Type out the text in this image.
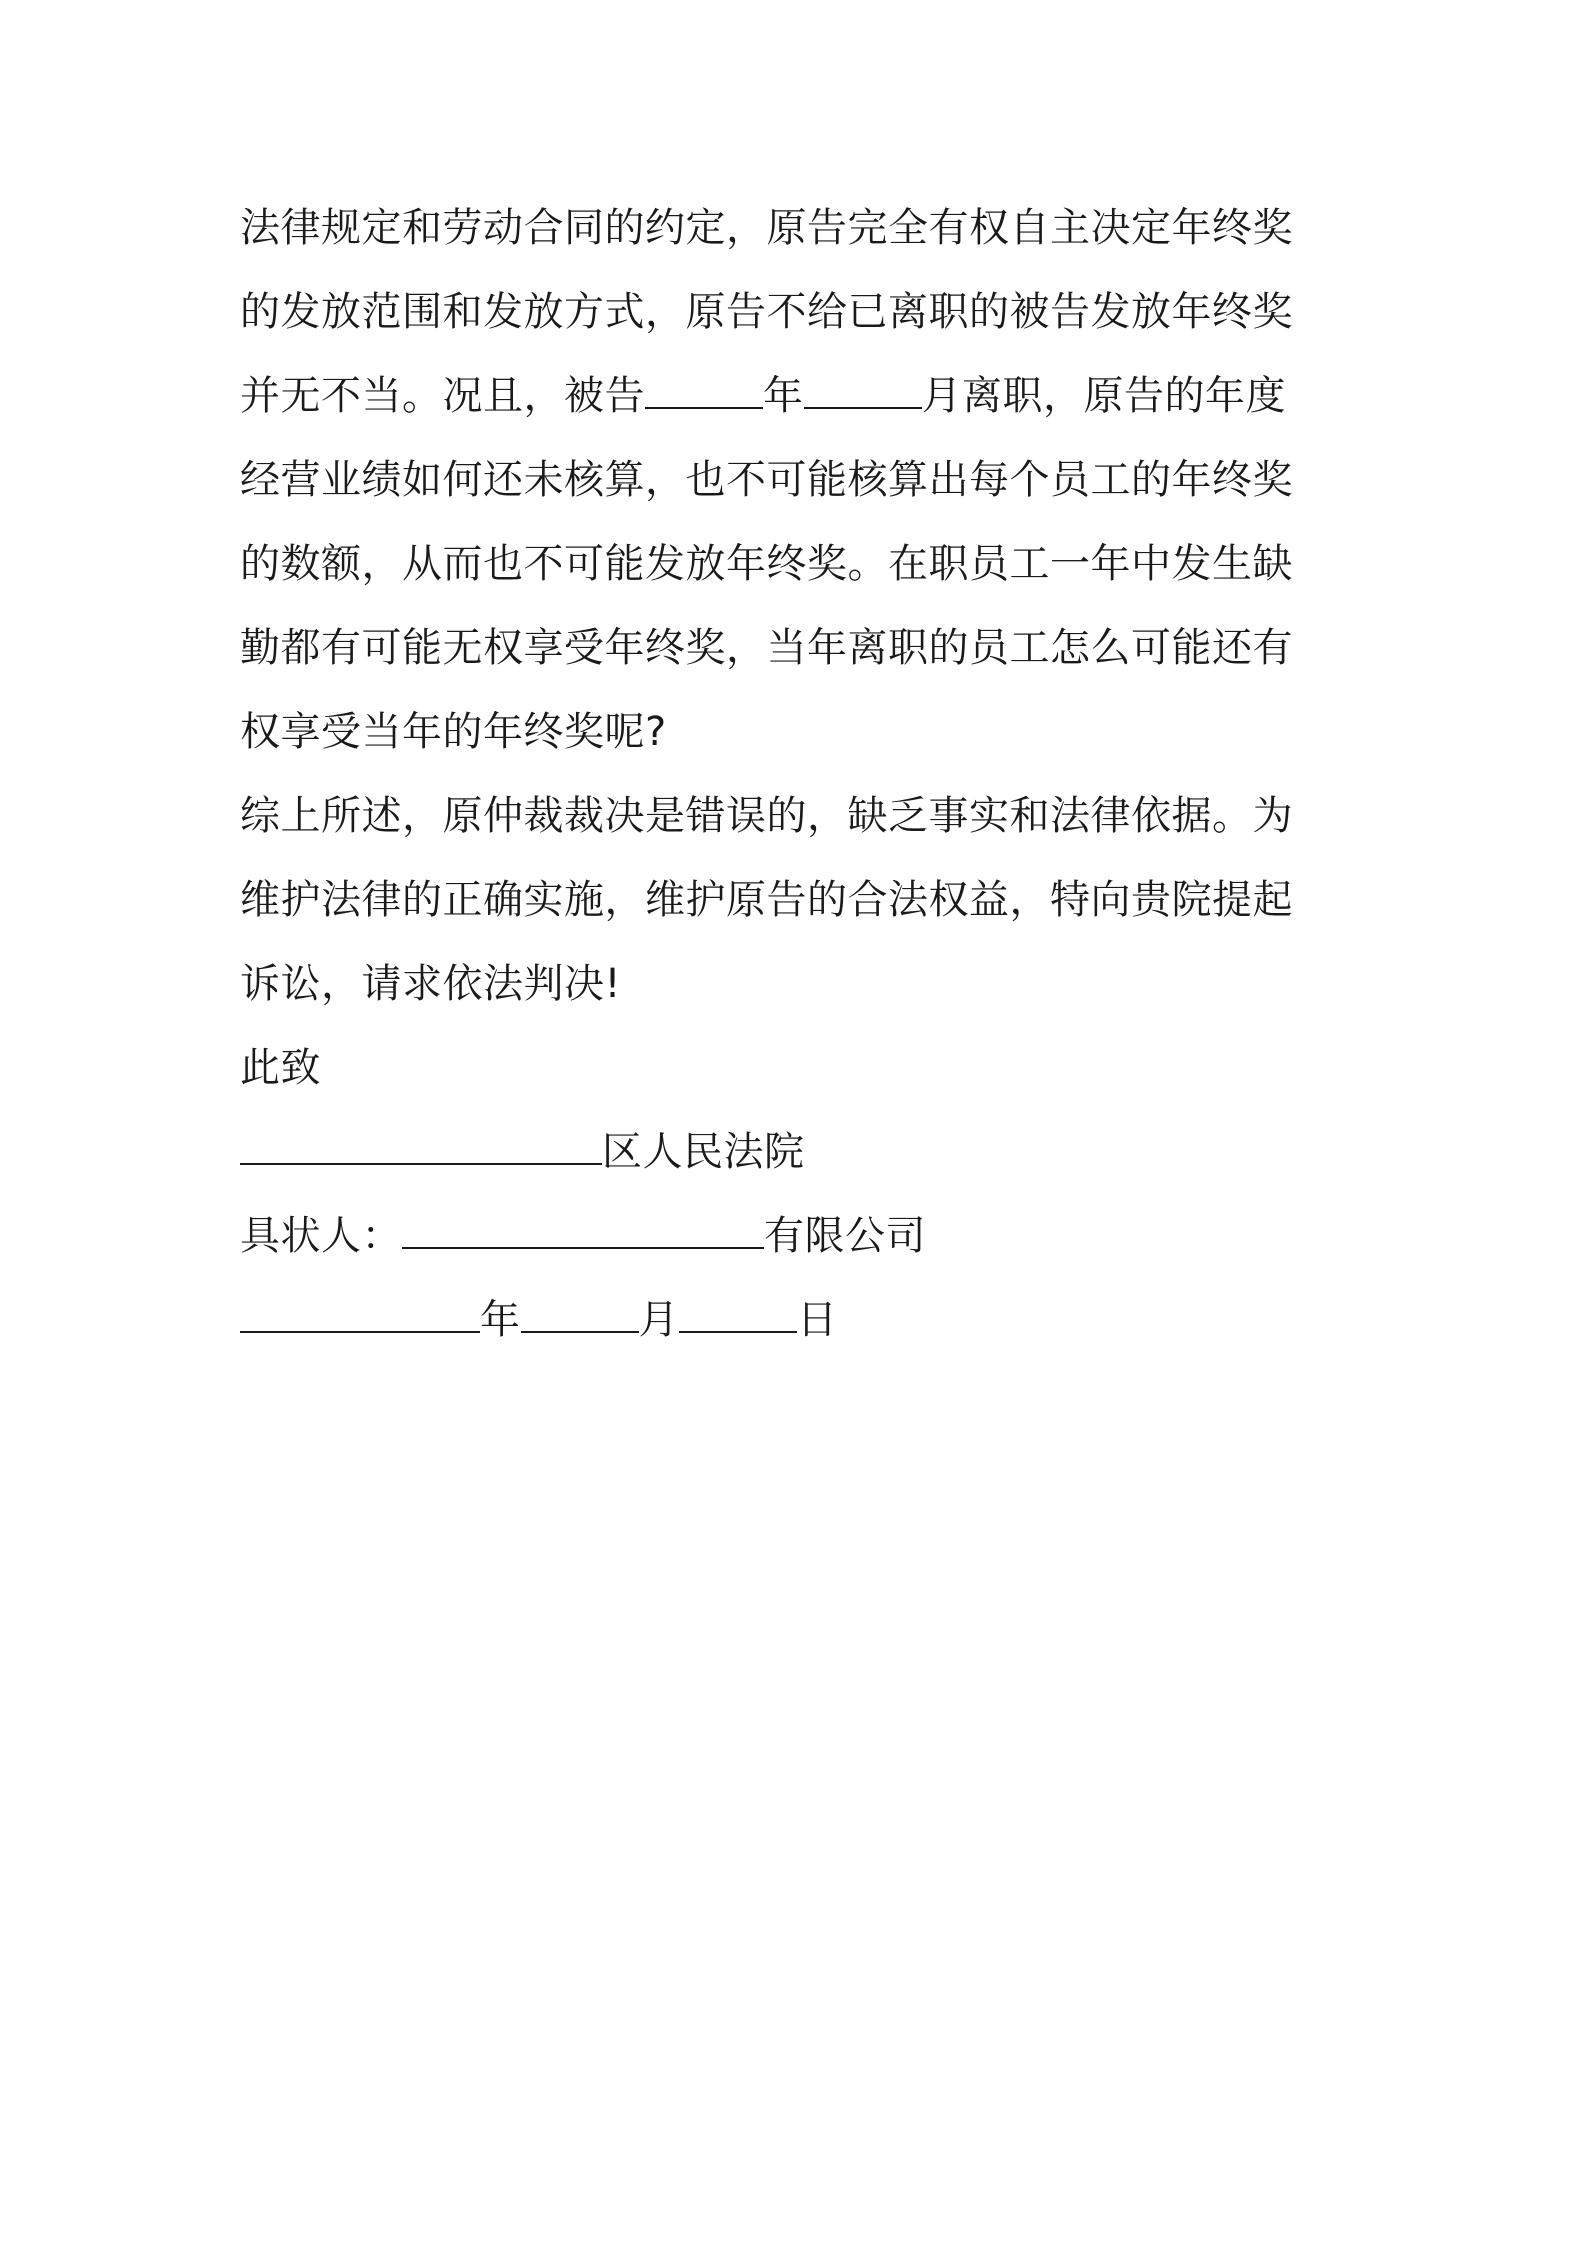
法律规定和劳动合同的约定，原告完全有权自主决定年终奖
的发放范围和发放方式，原告不给已离职的被告发放年终奖
并无不当。况且，被告	年	月离职，原告的年度
经营业绩如何还未核算，也不可能核算出每个员工的年终奖
的数额，从而也不可能发放年终奖。在职员工一年中发生缺
勤都有可能无权享受年终奖，当年离职的员工怎么可能还有
权享受当年的年终奖呢?
综上所述，原仲裁裁决是错误的，缺乏事实和法律依据。为
维护法律的正确实施，维护原告的合法权益，特向贵院提起
诉讼，请求依法判决!
此致
区人民法院
具状人：	有限公司
年	月	日
